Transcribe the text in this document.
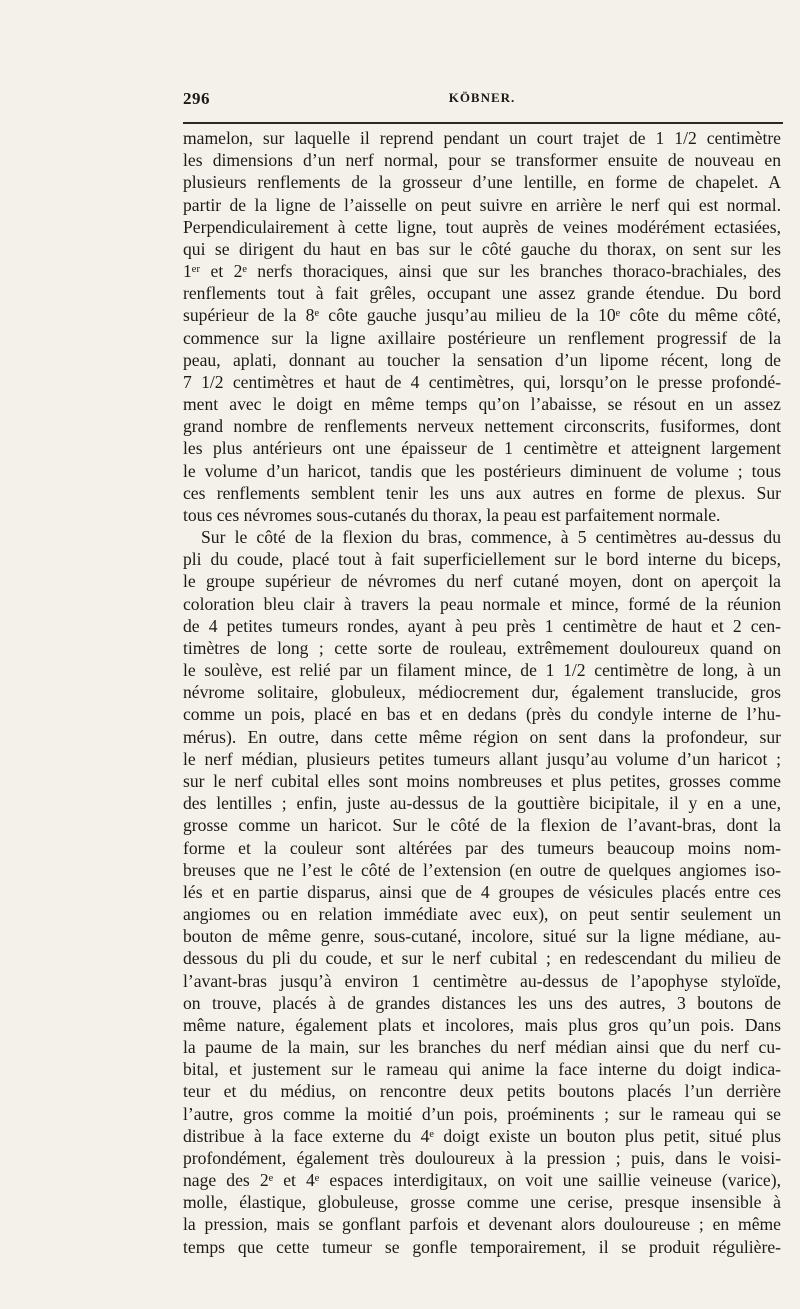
296	KÖBNER.
mamelon, sur laquelle il reprend pendant un court trajet de 1 1/2 centimètre
les dimensions d’un nerf normal, pour se transformer ensuite de nouveau en
plusieurs renflements de la grosseur d’une lentille, en forme de chapelet. A
partir de la ligne de l’aisselle on peut suivre en arrière le nerf qui est normal.
Perpendiculairement à cette ligne, tout auprès de veines modérément ectasiées,
qui se dirigent du haut en bas sur le côté gauche du thorax, on sent sur les
1ᵉʳ et 2ᵉ nerfs thoraciques, ainsi que sur les branches thoraco-brachiales, des
renflements tout à fait grêles, occupant une assez grande étendue. Du bord
supérieur de la 8ᵉ côte gauche jusqu’au milieu de la 10ᵉ côte du même côté,
commence sur la ligne axillaire postérieure un renflement progressif de la
peau, aplati, donnant au toucher la sensation d’un lipome récent, long de
7 1/2 centimètres et haut de 4 centimètres, qui, lorsqu’on le presse profondé-
ment avec le doigt en même temps qu’on l’abaisse, se résout en un assez
grand nombre de renflements nerveux nettement circonscrits, fusiformes, dont
les plus antérieurs ont une épaisseur de 1 centimètre et atteignent largement
le volume d’un haricot, tandis que les postérieurs diminuent de volume ; tous
ces renflements semblent tenir les uns aux autres en forme de plexus. Sur
tous ces névromes sous-cutanés du thorax, la peau est parfaitement normale.
Sur le côté de la flexion du bras, commence, à 5 centimètres au-dessus du
pli du coude, placé tout à fait superficiellement sur le bord interne du biceps,
le groupe supérieur de névromes du nerf cutané moyen, dont on aperçoit la
coloration bleu clair à travers la peau normale et mince, formé de la réunion
de 4 petites tumeurs rondes, ayant à peu près 1 centimètre de haut et 2 cen-
timètres de long ; cette sorte de rouleau, extrêmement douloureux quand on
le soulève, est relié par un filament mince, de 1 1/2 centimètre de long, à un
névrome solitaire, globuleux, médiocrement dur, également translucide, gros
comme un pois, placé en bas et en dedans (près du condyle interne de l’hu-
mérus). En outre, dans cette même région on sent dans la profondeur, sur
le nerf médian, plusieurs petites tumeurs allant jusqu’au volume d’un haricot ;
sur le nerf cubital elles sont moins nombreuses et plus petites, grosses comme
des lentilles ; enfin, juste au-dessus de la gouttière bicipitale, il y en a une,
grosse comme un haricot. Sur le côté de la flexion de l’avant-bras, dont la
forme et la couleur sont altérées par des tumeurs beaucoup moins nom-
breuses que ne l’est le côté de l’extension (en outre de quelques angiomes iso-
lés et en partie disparus, ainsi que de 4 groupes de vésicules placés entre ces
angiomes ou en relation immédiate avec eux), on peut sentir seulement un
bouton de même genre, sous-cutané, incolore, situé sur la ligne médiane, au-
dessous du pli du coude, et sur le nerf cubital ; en redescendant du milieu de
l’avant-bras jusqu’à environ 1 centimètre au-dessus de l’apophyse styloïde,
on trouve, placés à de grandes distances les uns des autres, 3 boutons de
même nature, également plats et incolores, mais plus gros qu’un pois. Dans
la paume de la main, sur les branches du nerf médian ainsi que du nerf cu-
bital, et justement sur le rameau qui anime la face interne du doigt indica-
teur et du médius, on rencontre deux petits boutons placés l’un derrière
l’autre, gros comme la moitié d’un pois, proéminents ; sur le rameau qui se
distribue à la face externe du 4ᵉ doigt existe un bouton plus petit, situé plus
profondément, également très douloureux à la pression ; puis, dans le voisi-
nage des 2ᵉ et 4ᵉ espaces interdigitaux, on voit une saillie veineuse (varice),
molle, élastique, globuleuse, grosse comme une cerise, presque insensible à
la pression, mais se gonflant parfois et devenant alors douloureuse ; en même
temps que cette tumeur se gonfle temporairement, il se produit régulière-
